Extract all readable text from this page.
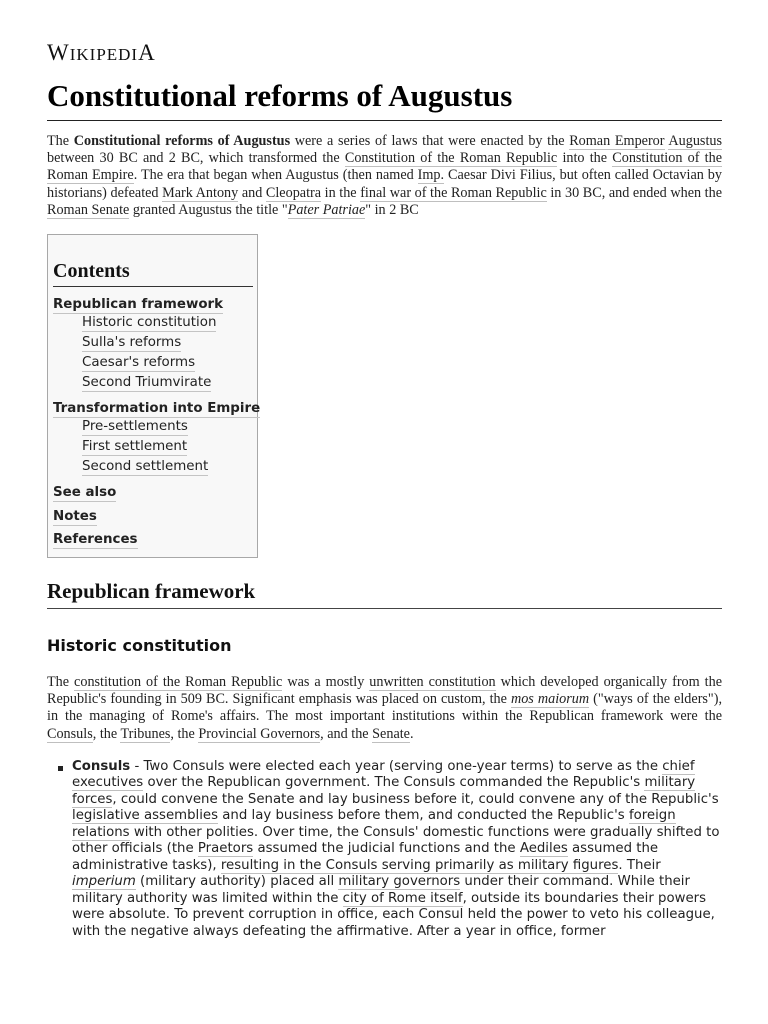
WIKIPEDIA
Constitutional reforms of Augustus

The Constitutional reforms of Augustus were a series of laws that were enacted by the Roman Emperor Augustus between 30 BC and 2 BC, which transformed the Constitution of the Roman Republic into the Constitution of the Roman Empire. The era that began when Augustus (then named Imp. Caesar Divi Filius, but often called Octavian by historians) defeated Mark Antony and Cleopatra in the final war of the Roman Republic in 30 BC, and ended when the Roman Senate granted Augustus the title "Pater Patriae" in 2 BC

Contents
Republican framework
Historic constitution
Sulla's reforms
Caesar's reforms
Second Triumvirate
Transformation into Empire
Pre-settlements
First settlement
Second settlement
See also
Notes
References
Republican framework
Historic constitution

The constitution of the Roman Republic was a mostly unwritten constitution which developed organically from the Republic's founding in 509 BC. Significant emphasis was placed on custom, the mos maiorum ("ways of the elders"), in the managing of Rome's affairs. The most important institutions within the Republican framework were the Consuls, the Tribunes, the Provincial Governors, and the Senate.

Consuls - Two Consuls were elected each year (serving one-year terms) to serve as the chief executives over the Republican government. The Consuls commanded the Republic's military forces, could convene the Senate and lay business before it, could convene any of the Republic's legislative assemblies and lay business before them, and conducted the Republic's foreign relations with other polities. Over time, the Consuls' domestic functions were gradually shifted to other officials (the Praetors assumed the judicial functions and the Aediles assumed the administrative tasks), resulting in the Consuls serving primarily as military figures. Their imperium (military authority) placed all military governors under their command. While their military authority was limited within the city of Rome itself, outside its boundaries their powers were absolute. To prevent corruption in office, each Consul held the power to veto his colleague, with the negative always defeating the affirmative. After a year in office, former
